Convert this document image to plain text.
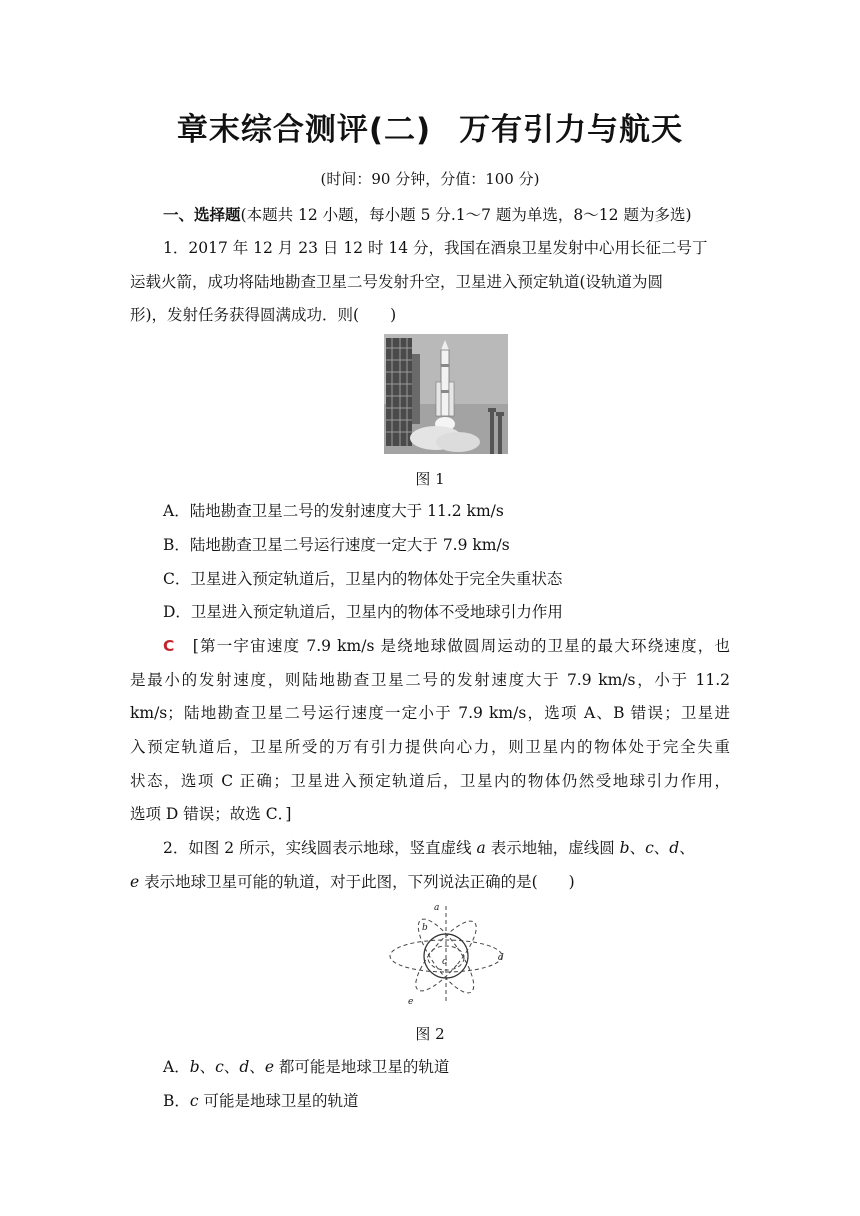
章末综合测评(二) 万有引力与航天
(时间：90 分钟，分值：100 分)
一、选择题(本题共 12 小题，每小题 5 分.1～7 题为单选，8～12 题为多选)
1．2017 年 12 月 23 日 12 时 14 分，我国在酒泉卫星发射中心用长征二号丁
运载火箭，成功将陆地勘查卫星二号发射升空，卫星进入预定轨道(设轨道为圆
形)，发射任务获得圆满成功．则(　　)
图 1
A．陆地勘查卫星二号的发射速度大于 11.2 km/s
B．陆地勘查卫星二号运行速度一定大于 7.9 km/s
C．卫星进入预定轨道后，卫星内的物体处于完全失重状态
D．卫星进入预定轨道后，卫星内的物体不受地球引力作用
C [第一宇宙速度 7.9 km/s 是绕地球做圆周运动的卫星的最大环绕速度，也
是最小的发射速度，则陆地勘查卫星二号的发射速度大于 7.9 km/s，小于 11.2
km/s；陆地勘查卫星二号运行速度一定小于 7.9 km/s，选项 A、B 错误；卫星进
入预定轨道后，卫星所受的万有引力提供向心力，则卫星内的物体处于完全失重
状态，选项 C 正确；卫星进入预定轨道后，卫星内的物体仍然受地球引力作用，
选项 D 错误；故选 C．]
2．如图 2 所示，实线圆表示地球，竖直虚线 a 表示地轴，虚线圆 b、c、d、
e 表示地球卫星可能的轨道，对于此图，下列说法正确的是(　　)
a
b
c	d
e
图 2
A．b、c、d、e 都可能是地球卫星的轨道
B．c 可能是地球卫星的轨道
